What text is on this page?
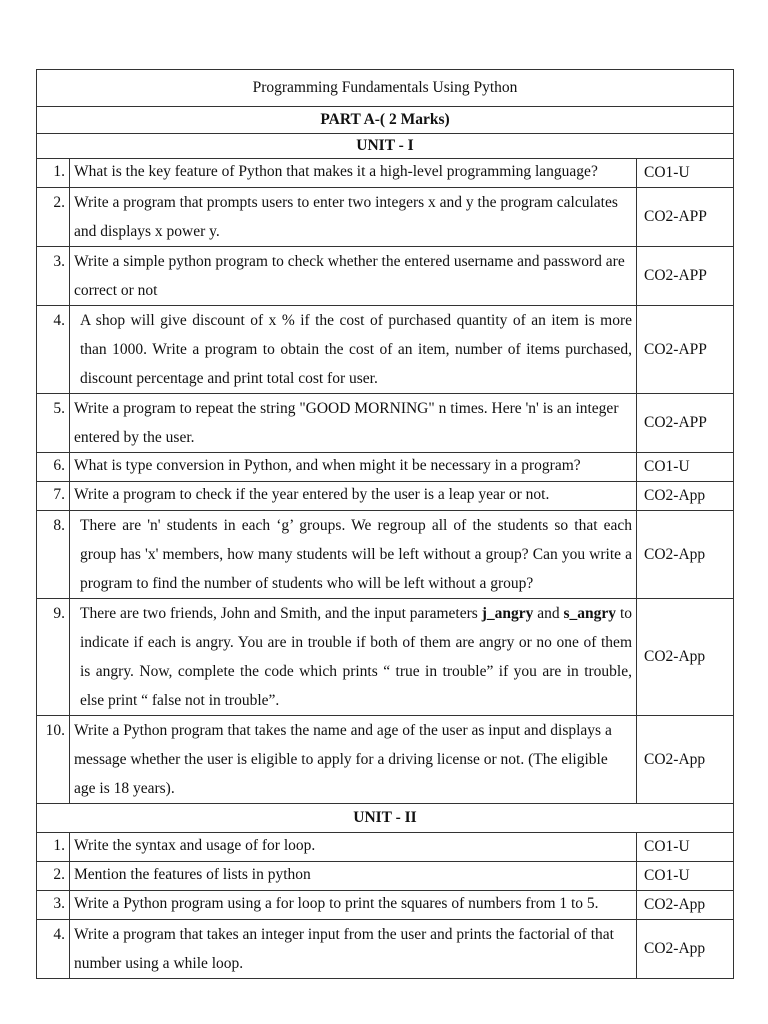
Programming Fundamentals Using Python		
PART A-( 2 Marks)		
UNIT - I		
1.	What is the key feature of Python that makes it a high-level programming language?	CO1-U
2.	Write a program that prompts users to enter two integers x and y the program calculates and displays x power y.	CO2-APP
3.	Write a simple python program to check whether the entered username and password are correct or not	CO2-APP
4.	A shop will give discount of x % if the cost of purchased quantity of an item is more than 1000. Write a program to obtain the cost of an item, number of items purchased, discount percentage and print total cost for user.	CO2-APP
5.	Write a program to repeat the string "GOOD MORNING" n times. Here 'n' is an integer entered by the user.	CO2-APP
6.	What is type conversion in Python, and when might it be necessary in a program?	CO1-U
7.	Write a program to check if the year entered by the user is a leap year or not.	CO2-App
8.	There are 'n' students in each ‘g’ groups. We regroup all of the students so that each group has 'x' members, how many students will be left without a group? Can you write a program to find the number of students who will be left without a group?	CO2-App
9.	There are two friends, John and Smith, and the input parameters j_angry and s_angry to indicate if each is angry. You are in trouble if both of them are angry or no one of them is angry. Now, complete the code which prints “ true in trouble” if you are in trouble, else print “ false not in trouble”.	CO2-App
10.	Write a Python program that takes the name and age of the user as input and displays a message whether the user is eligible to apply for a driving license or not. (The eligible age is 18 years).	CO2-App
UNIT - II		
1.	Write the syntax and usage of for loop.	CO1-U
2.	Mention the features of lists in python	CO1-U
3.	Write a Python program using a for loop to print the squares of numbers from 1 to 5.	CO2-App
4.	Write a program that takes an integer input from the user and prints the factorial of that number using a while loop.	CO2-App
